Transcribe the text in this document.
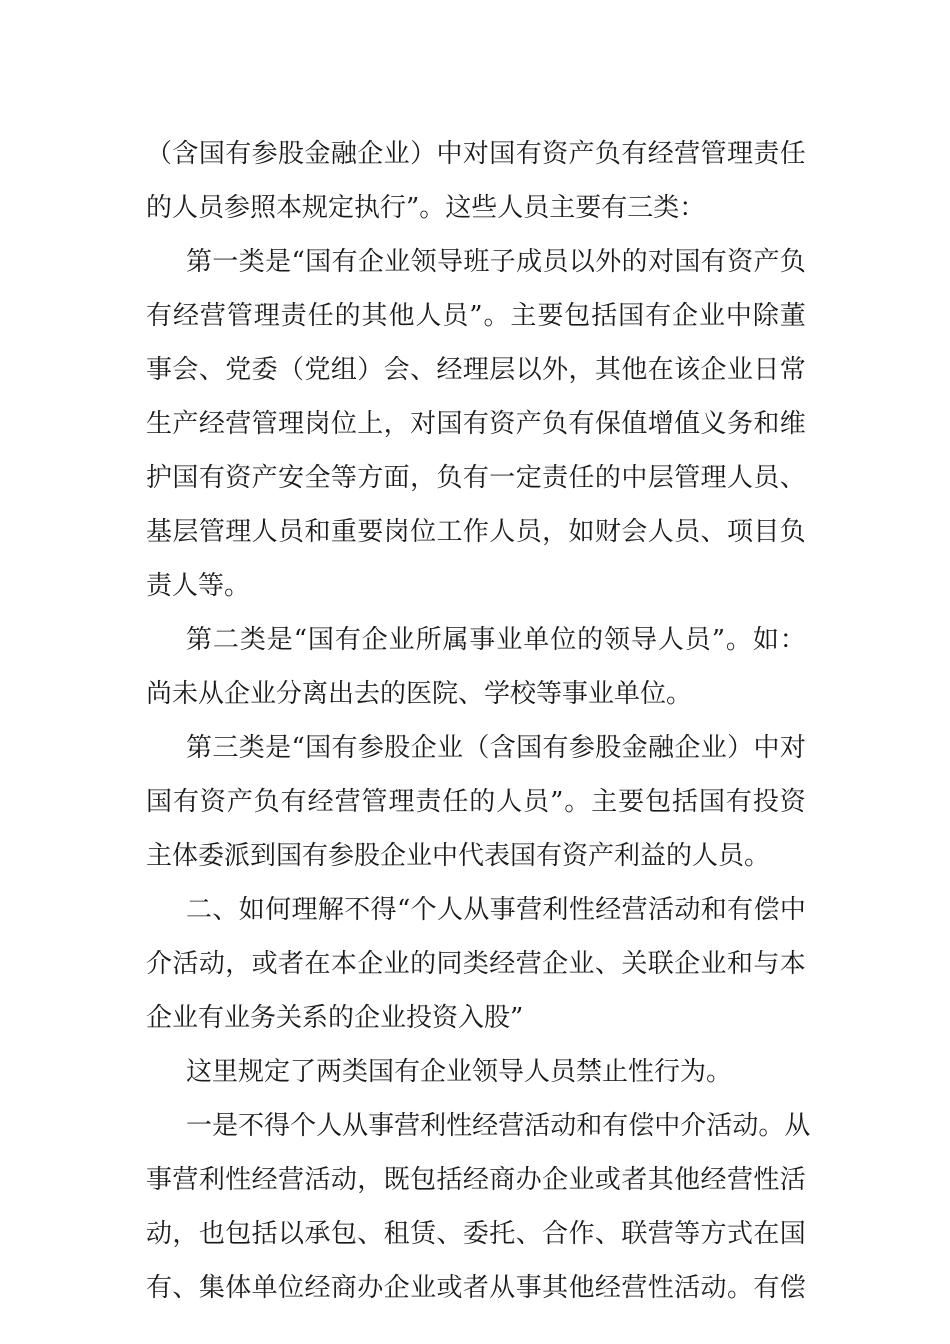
（ 含 国 有 参 股 金 融 企 业 ） 中 对 国 有 资 产 负 有 经 营 管 理 责 任
的人员参照本规定执行”。这些人员主要有三类：
第 一 类 是 “ 国 有 企 业 领 导 班 子 成 员 以 外 的 对 国 有 资 产 负
有 经 营 管 理 责 任 的 其 他 人 员 ” 。 主 要 包 括 国 有 企 业 中 除 董
事 会 、 党 委 （ 党 组 ） 会 、 经 理 层 以 外 ， 其 他 在 该 企 业 日 常
生 产 经 营 管 理 岗 位 上 ， 对 国 有 资 产 负 有 保 值 增 值 义 务 和 维
护 国 有 资 产 安 全 等 方 面 ， 负 有 一 定 责 任 的 中 层 管 理 人 员 、
基 层 管 理 人 员 和 重 要 岗 位 工 作 人 员 ， 如 财 会 人 员 、 项 目 负
责人等。
第 二 类 是 “ 国 有 企 业 所 属 事 业 单 位 的 领 导 人 员 ” 。 如 ：
尚未从企业分离出去的医院、学校等事业单位。
第 三 类 是 “ 国 有 参 股 企 业 （ 含 国 有 参 股 金 融 企 业 ） 中 对
国 有 资 产 负 有 经 营 管 理 责 任 的 人 员 ” 。 主 要 包 括 国 有 投 资
主体委派到国有参股企业中代表国有资产利益的人员。
二 、 如 何 理 解 不 得 “ 个 人 从 事 营 利 性 经 营 活 动 和 有 偿 中
介 活 动 ， 或 者 在 本 企 业 的 同 类 经 营 企 业 、 关 联 企 业 和 与 本
企业有业务关系的企业投资入股”
这里规定了两类国有企业领导人员禁止性行为。
一 是 不 得 个 人 从 事 营 利 性 经 营 活 动 和 有 偿 中 介 活 动 。 从
事 营 利 性 经 营 活 动 ， 既 包 括 经 商 办 企 业 或 者 其 他 经 营 性 活
动 ， 也 包 括 以 承 包 、 租 赁 、 委 托 、 合 作 、 联 营 等 方 式 在 国
有 、 集 体 单 位 经 商 办 企 业 或 者 从 事 其 他 经 营 性 活 动 。 有 偿
